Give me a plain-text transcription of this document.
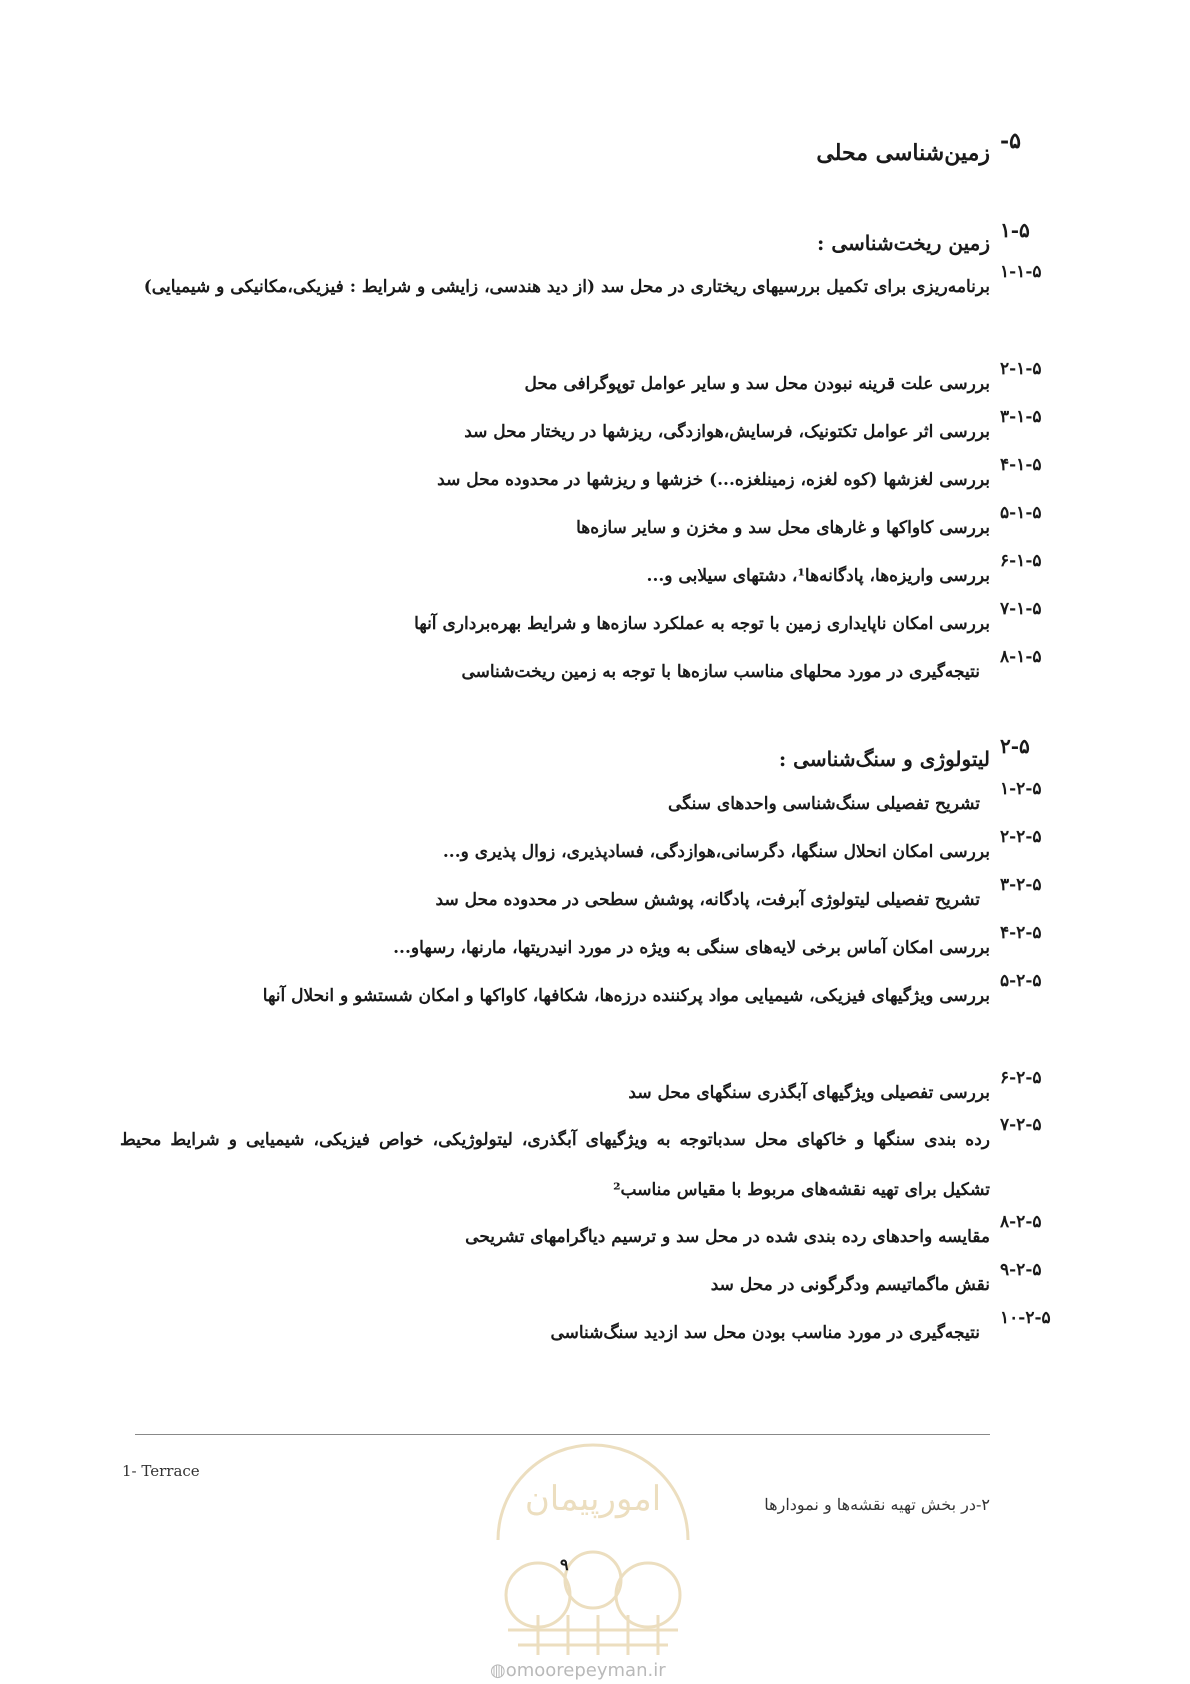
-۵
زمین‌شناسی محلی
۱-۵
زمین ریخت‌شناسی :
۱-۱-۵
برنامه‌ریزی برای تکمیل بررسیهای ریختاری در محل سد (از دید هندسی، زایشی و شرایط : فیزیکی،مکانیکی و شیمیایی)
۲-۱-۵
بررسی علت قرینه نبودن محل سد و سایر عوامل توپوگرافی محل
۳-۱-۵
بررسی اثر عوامل تکتونیک، فرسایش،هوازدگی، ریزشها در ریختار محل سد
۴-۱-۵
بررسی لغزشها (کوه لغزه، زمینلغزه...) خزشها و ریزشها در محدوده محل سد
۵-۱-۵
بررسی کاواکها و غارهای محل سد و مخزن و سایر سازه‌ها
۶-۱-۵
بررسی واریزه‌ها، پادگانه‌ها¹، دشتهای سیلابی و...
۷-۱-۵
بررسی امکان ناپایداری زمین با توجه به عملکرد سازه‌ها و شرایط بهره‌برداری آنها
۸-۱-۵
نتیجه‌گیری در مورد محلهای مناسب سازه‌ها با توجه به زمین ریخت‌شناسی
۲-۵
لیتولوژی و سنگ‌شناسی :
۱-۲-۵
تشریح تفصیلی سنگ‌شناسی واحدهای سنگی
۲-۲-۵
بررسی امکان انحلال سنگها، دگرسانی،هوازدگی، فسادپذیری، زوال پذیری و...
۳-۲-۵
تشریح تفصیلی لیتولوژی آبرفت، پادگانه، پوشش سطحی در محدوده محل سد
۴-۲-۵
بررسی امکان آماس برخی لایه‌های سنگی به ویژه در مورد انیدریتها، مارنها، رسهاو...
۵-۲-۵
بررسی ویژگیهای فیزیکی، شیمیایی مواد پرکننده درزه‌ها، شکافها، کاواکها و امکان شستشو و انحلال آنها
۶-۲-۵
بررسی تفصیلی ویژگیهای آبگذری سنگهای محل سد
۷-۲-۵
رده بندی سنگها و خاکهای محل سدباتوجه به ویژگیهای آبگذری، لیتولوژیکی، خواص فیزیکی، شیمیایی و شرایط محیط تشکیل برای تهیه نقشه‌های مربوط با مقیاس مناسب²
۸-۲-۵
مقایسه واحدهای رده بندی شده در محل سد و ترسیم دیاگرامهای تشریحی
۹-۲-۵
نقش ماگماتیسم ودگرگونی در محل سد
۱۰-۲-۵
نتیجه‌گیری در مورد مناسب بودن محل سد ازدید سنگ‌شناسی
1- Terrace
۲-در بخش تهیه نقشه‌ها و نمودارها
امورپیمان
۹
◍omoorepeyman.ir
